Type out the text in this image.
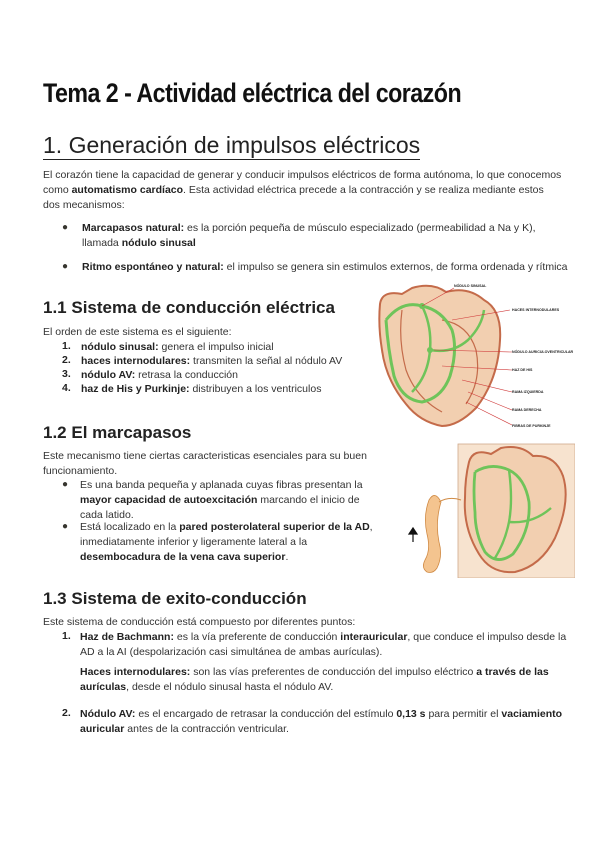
Tema 2 - Actividad eléctrica del corazón
1. Generación de impulsos eléctricos
El corazón tiene la capacidad de generar y conducir impulsos eléctricos de forma autónoma, lo que conocemos como automatismo cardíaco. Esta actividad eléctrica precede a la contracción y se realiza mediante estos dos mecanismos:
● Marcapasos natural: es la porción pequeña de músculo especializado (permeabilidad a Na y K), llamada nódulo sinusal
● Ritmo espontáneo y natural: el impulso se genera sin estimulos externos, de forma ordenada y rítmica
1.1 Sistema de conducción eléctrica
El orden de este sistema es el siguiente:
1. nódulo sinusal: genera el impulso inicial
2. haces internodulares: transmiten la señal al nódulo AV
3. nódulo AV: retrasa la conducción
4. haz de His y Purkinje: distribuyen a los ventriculos
NÓDULO SINUSAL
HACES INTERNODULARES
NÓDULO AURICULOVENTRICULAR
HAZ DE HIS
RAMA IZQUIERDA
RAMA DERECHA
FIBRAS DE PURKINJE
1.2 El marcapasos
Este mecanismo tiene ciertas caracteristicas esenciales para su buen funcionamiento.
● Es una banda pequeña y aplanada cuyas fibras presentan la mayor capacidad de autoexcitación marcando el inicio de cada latido.
● Está localizado en la pared posterolateral superior de la AD, inmediatamente inferior y ligeramente lateral a la desembocadura de la vena cava superior.
1.3 Sistema de exito-conducción
Este sistema de conducción está compuesto por diferentes puntos:
1. Haz de Bachmann: es la vía preferente de conducción interauricular, que conduce el impulso desde la AD a la AI (despolarización casi simultánea de ambas aurículas).
Haces internodulares: son las vías preferentes de conducción del impulso eléctrico a través de las aurículas, desde el nódulo sinusal hasta el nódulo AV.
2. Nódulo AV: es el encargado de retrasar la conducción del estímulo 0,13 s para permitir el vaciamiento auricular antes de la contracción ventricular.
